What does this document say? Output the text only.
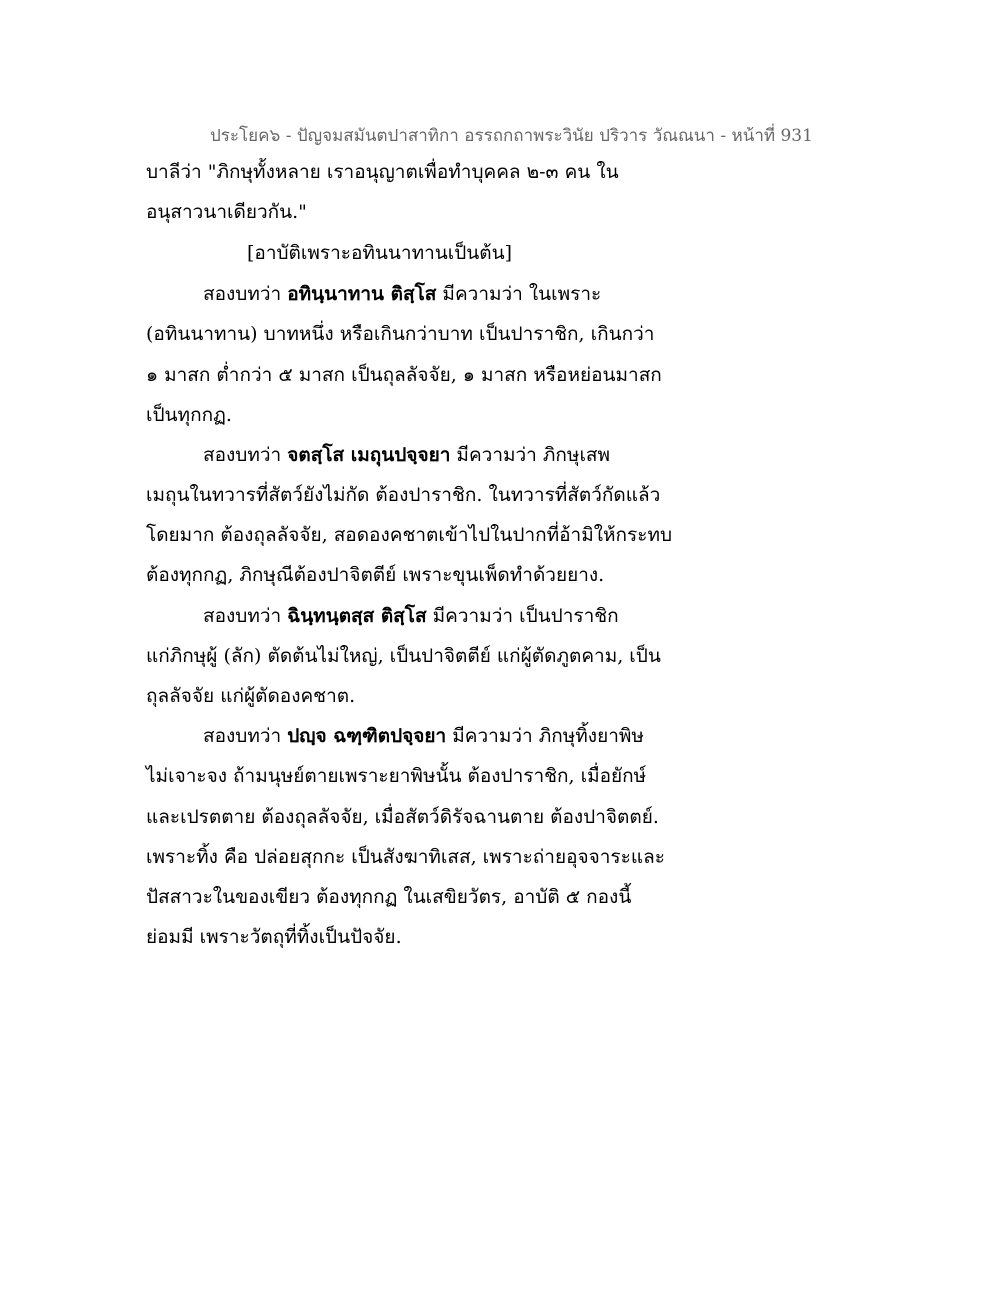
ประโยค๖ - ปัญจมสมันตปาสาทิกา อรรถกถาพระวินัย ปริวาร วัณณนา - หน้าที่ 931
บาลีว่า "ภิกษุทั้งหลาย เราอนุญาตเพื่อทำบุคคล ๒-๓ คน ใน
อนุสาวนาเดียวกัน."
[อาบัติเพราะอทินนาทานเป็นต้น]
สองบทว่า อทินฺนาทาน ติสฺโส มีความว่า ในเพราะ
(อทินนาทาน) บาทหนึ่ง หรือเกินกว่าบาท เป็นปาราชิก, เกินกว่า
๑ มาสก ต่ำกว่า ๕ มาสก เป็นถุลลัจจัย, ๑ มาสก หรือหย่อนมาสก
เป็นทุกกฏ.
สองบทว่า จตสฺโส เมถุนปจฺจยา มีความว่า ภิกษุเสพ
เมถุนในทวารที่สัตว์ยังไม่กัด ต้องปาราชิก. ในทวารที่สัตว์กัดแล้ว
โดยมาก ต้องถุลลัจจัย, สอดองคชาตเข้าไปในปากที่อ้ามิให้กระทบ
ต้องทุกกฏ, ภิกษุณีต้องปาจิตตีย์ เพราะขุนเพ็ดทำด้วยยาง.
สองบทว่า ฉินฺทนฺตสฺส ติสฺโส มีความว่า เป็นปาราชิก
แก่ภิกษุผู้ (ลัก) ตัดต้นไม่ใหญ่, เป็นปาจิตตีย์ แก่ผู้ตัดภูตคาม, เป็น
ถุลลัจจัย แก่ผู้ตัดองคชาต.
สองบทว่า ปญฺจ ฉฑฺฑิตปจฺจยา มีความว่า ภิกษุทิ้งยาพิษ
ไม่เจาะจง ถ้ามนุษย์ตายเพราะยาพิษนั้น ต้องปาราชิก, เมื่อยักษ์
และเปรตตาย ต้องถุลลัจจัย, เมื่อสัตว์ดิรัจฉานตาย ต้องปาจิตตย์.
เพราะทิ้ง คือ ปล่อยสุกกะ เป็นสังฆาทิเสส, เพราะถ่ายอุจจาระและ
ปัสสาวะในของเขียว ต้องทุกกฏ ในเสขิยวัตร, อาบัติ ๕ กองนี้
ย่อมมี เพราะวัตถุที่ทิ้งเป็นปัจจัย.
